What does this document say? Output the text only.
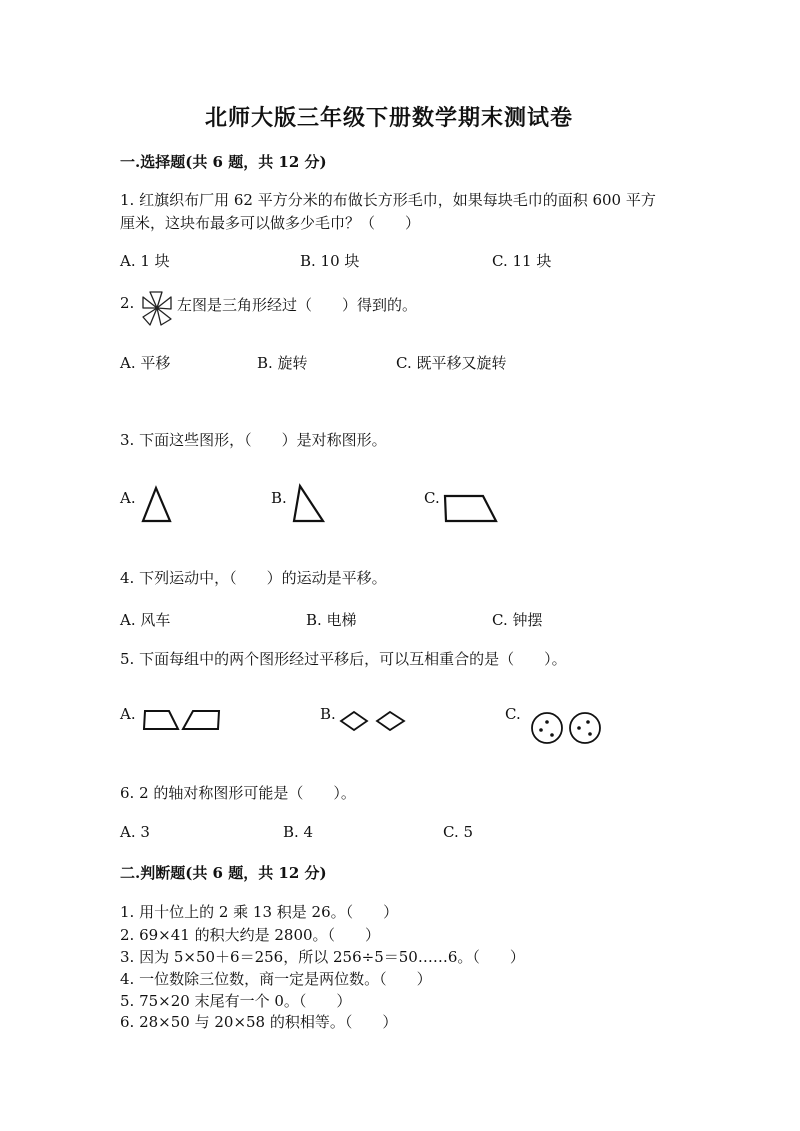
北师大版三年级下册数学期末测试卷
一.选择题(共 6 题，共 12 分)
1. 红旗织布厂用 62 平方分米的布做长方形毛巾，如果每块毛巾的面积 600 平方
厘米，这块布最多可以做多少毛巾？（　　）
A. 1 块	B. 10 块	C. 11 块
2.	左图是三角形经过（　　）得到的。
A. 平移	B. 旋转	C. 既平移又旋转
3. 下面这些图形，（　　）是对称图形。
A.	B.	C.
4. 下列运动中，（　　）的运动是平移。
A. 风车	B. 电梯	C. 钟摆
5. 下面每组中的两个图形经过平移后，可以互相重合的是（　　）。
A.	B.	C.
6. 2 的轴对称图形可能是（　　）。
A. 3	B. 4	C. 5
二.判断题(共 6 题，共 12 分)
1. 用十位上的 2 乘 13 积是 26。（　　）
2. 69×41 的积大约是 2800。（　　）
3. 因为 5×50＋6＝256，所以 256÷5＝50……6。（　　）
4. 一位数除三位数，商一定是两位数。（　　）
5. 75×20 末尾有一个 0。（　　）
6. 28×50 与 20×58 的积相等。（　　）
